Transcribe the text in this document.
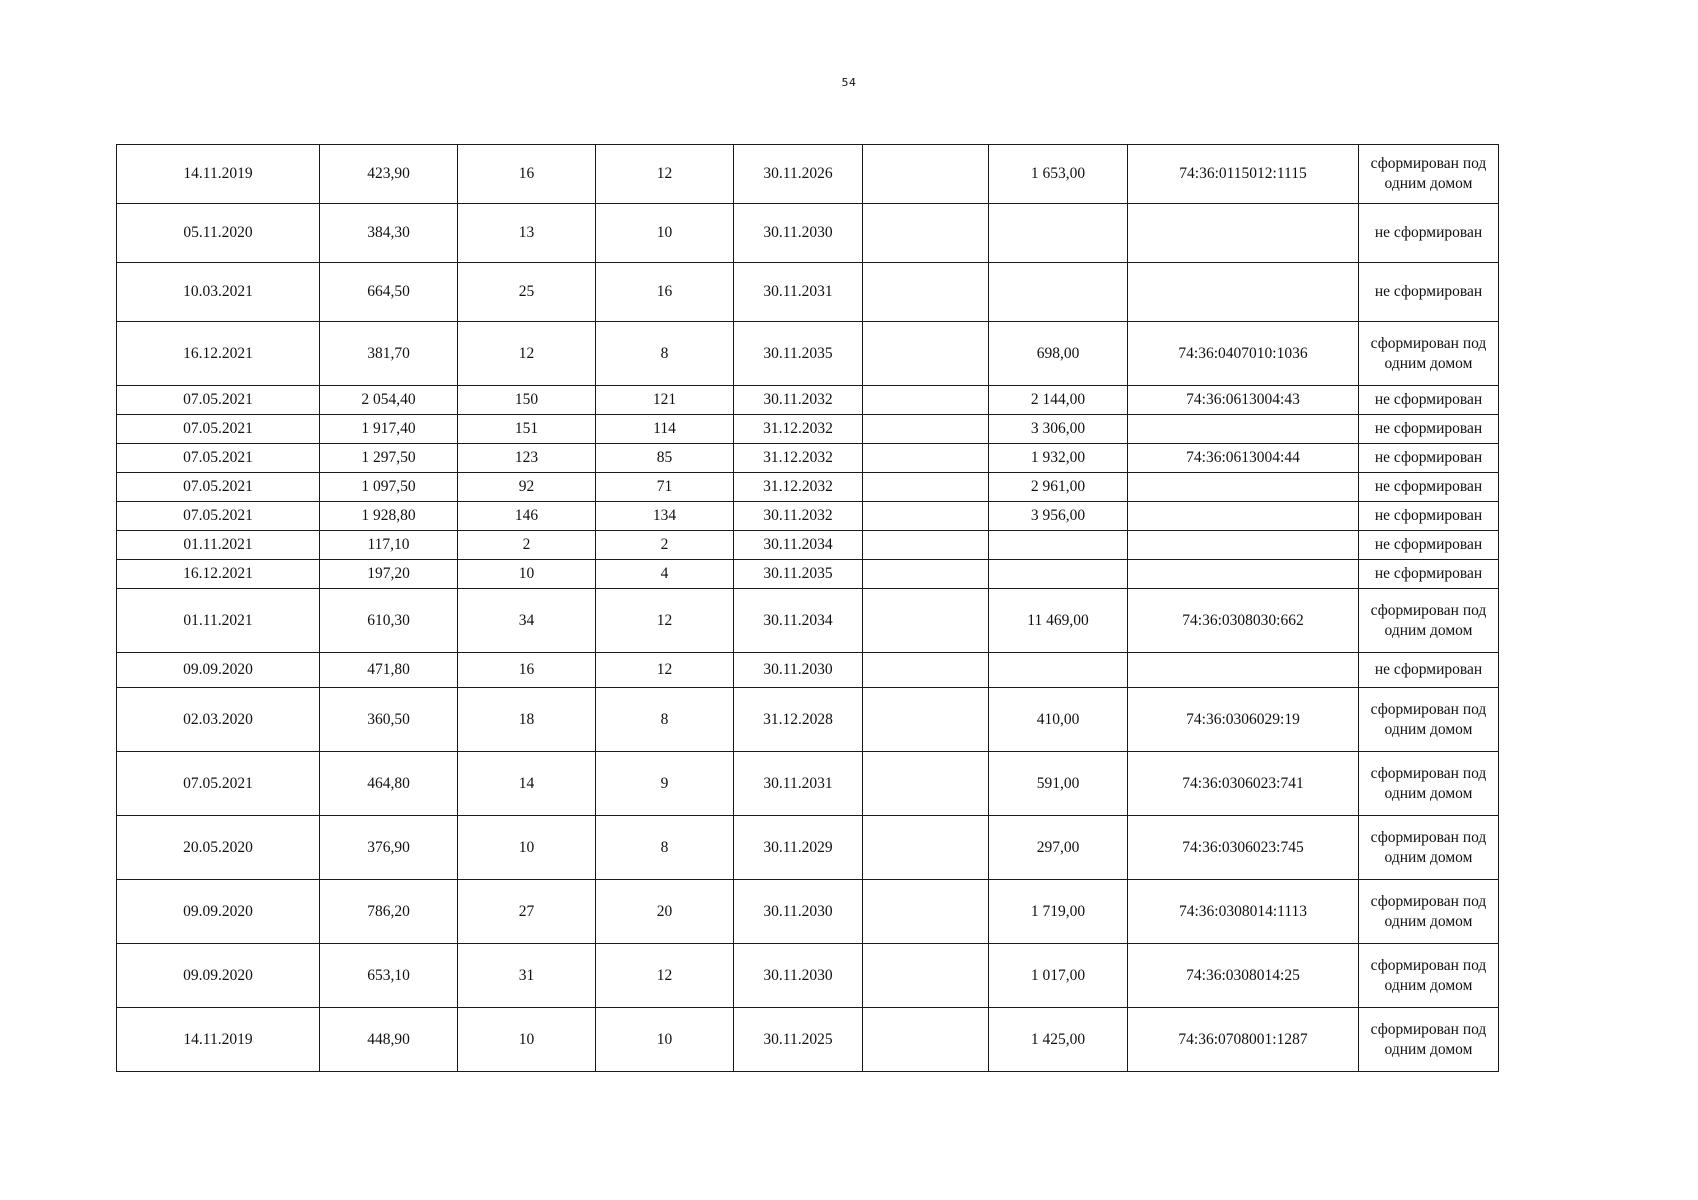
54
14.11.2019	423,90	16	12	30.11.2026		1 653,00	74:36:0115012:1115	сформирован под одним домом
05.11.2020	384,30	13	10	30.11.2030				не сформирован
10.03.2021	664,50	25	16	30.11.2031				не сформирован
16.12.2021	381,70	12	8	30.11.2035		698,00	74:36:0407010:1036	сформирован под одним домом
07.05.2021	2 054,40	150	121	30.11.2032		2 144,00	74:36:0613004:43	не сформирован
07.05.2021	1 917,40	151	114	31.12.2032		3 306,00		не сформирован
07.05.2021	1 297,50	123	85	31.12.2032		1 932,00	74:36:0613004:44	не сформирован
07.05.2021	1 097,50	92	71	31.12.2032		2 961,00		не сформирован
07.05.2021	1 928,80	146	134	30.11.2032		3 956,00		не сформирован
01.11.2021	117,10	2	2	30.11.2034				не сформирован
16.12.2021	197,20	10	4	30.11.2035				не сформирован
01.11.2021	610,30	34	12	30.11.2034		11 469,00	74:36:0308030:662	сформирован под одним домом
09.09.2020	471,80	16	12	30.11.2030				не сформирован
02.03.2020	360,50	18	8	31.12.2028		410,00	74:36:0306029:19	сформирован под одним домом
07.05.2021	464,80	14	9	30.11.2031		591,00	74:36:0306023:741	сформирован под одним домом
20.05.2020	376,90	10	8	30.11.2029		297,00	74:36:0306023:745	сформирован под одним домом
09.09.2020	786,20	27	20	30.11.2030		1 719,00	74:36:0308014:1113	сформирован под одним домом
09.09.2020	653,10	31	12	30.11.2030		1 017,00	74:36:0308014:25	сформирован под одним домом
14.11.2019	448,90	10	10	30.11.2025		1 425,00	74:36:0708001:1287	сформирован под одним домом
